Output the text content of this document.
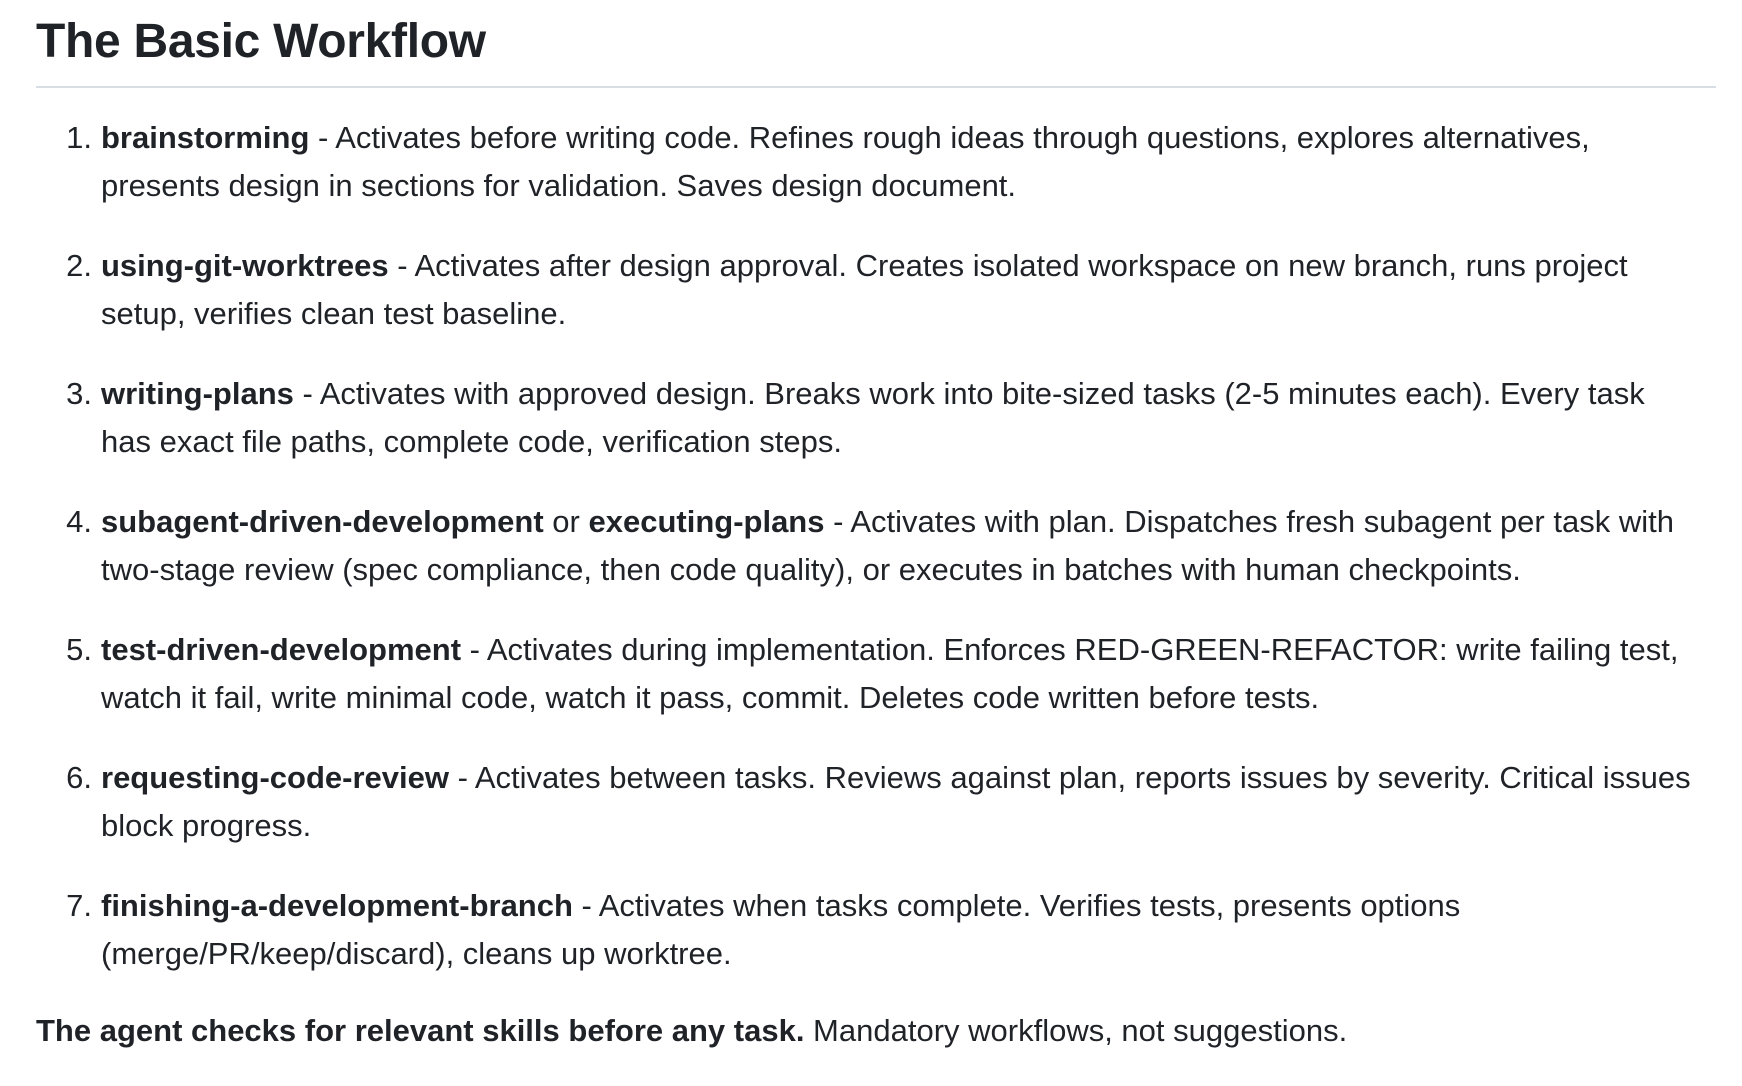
The Basic Workflow
1. brainstorming - Activates before writing code. Refines rough ideas through questions, explores alternatives, presents design in sections for validation. Saves design document.
2. using-git-worktrees - Activates after design approval. Creates isolated workspace on new branch, runs project setup, verifies clean test baseline.
3. writing-plans - Activates with approved design. Breaks work into bite-sized tasks (2-5 minutes each). Every task has exact file paths, complete code, verification steps.
4. subagent-driven-development or executing-plans - Activates with plan. Dispatches fresh subagent per task with two-stage review (spec compliance, then code quality), or executes in batches with human checkpoints.
5. test-driven-development - Activates during implementation. Enforces RED-GREEN-REFACTOR: write failing test, watch it fail, write minimal code, watch it pass, commit. Deletes code written before tests.
6. requesting-code-review - Activates between tasks. Reviews against plan, reports issues by severity. Critical issues block progress.
7. finishing-a-development-branch - Activates when tasks complete. Verifies tests, presents options (merge/PR/keep/discard), cleans up worktree.

The agent checks for relevant skills before any task. Mandatory workflows, not suggestions.
